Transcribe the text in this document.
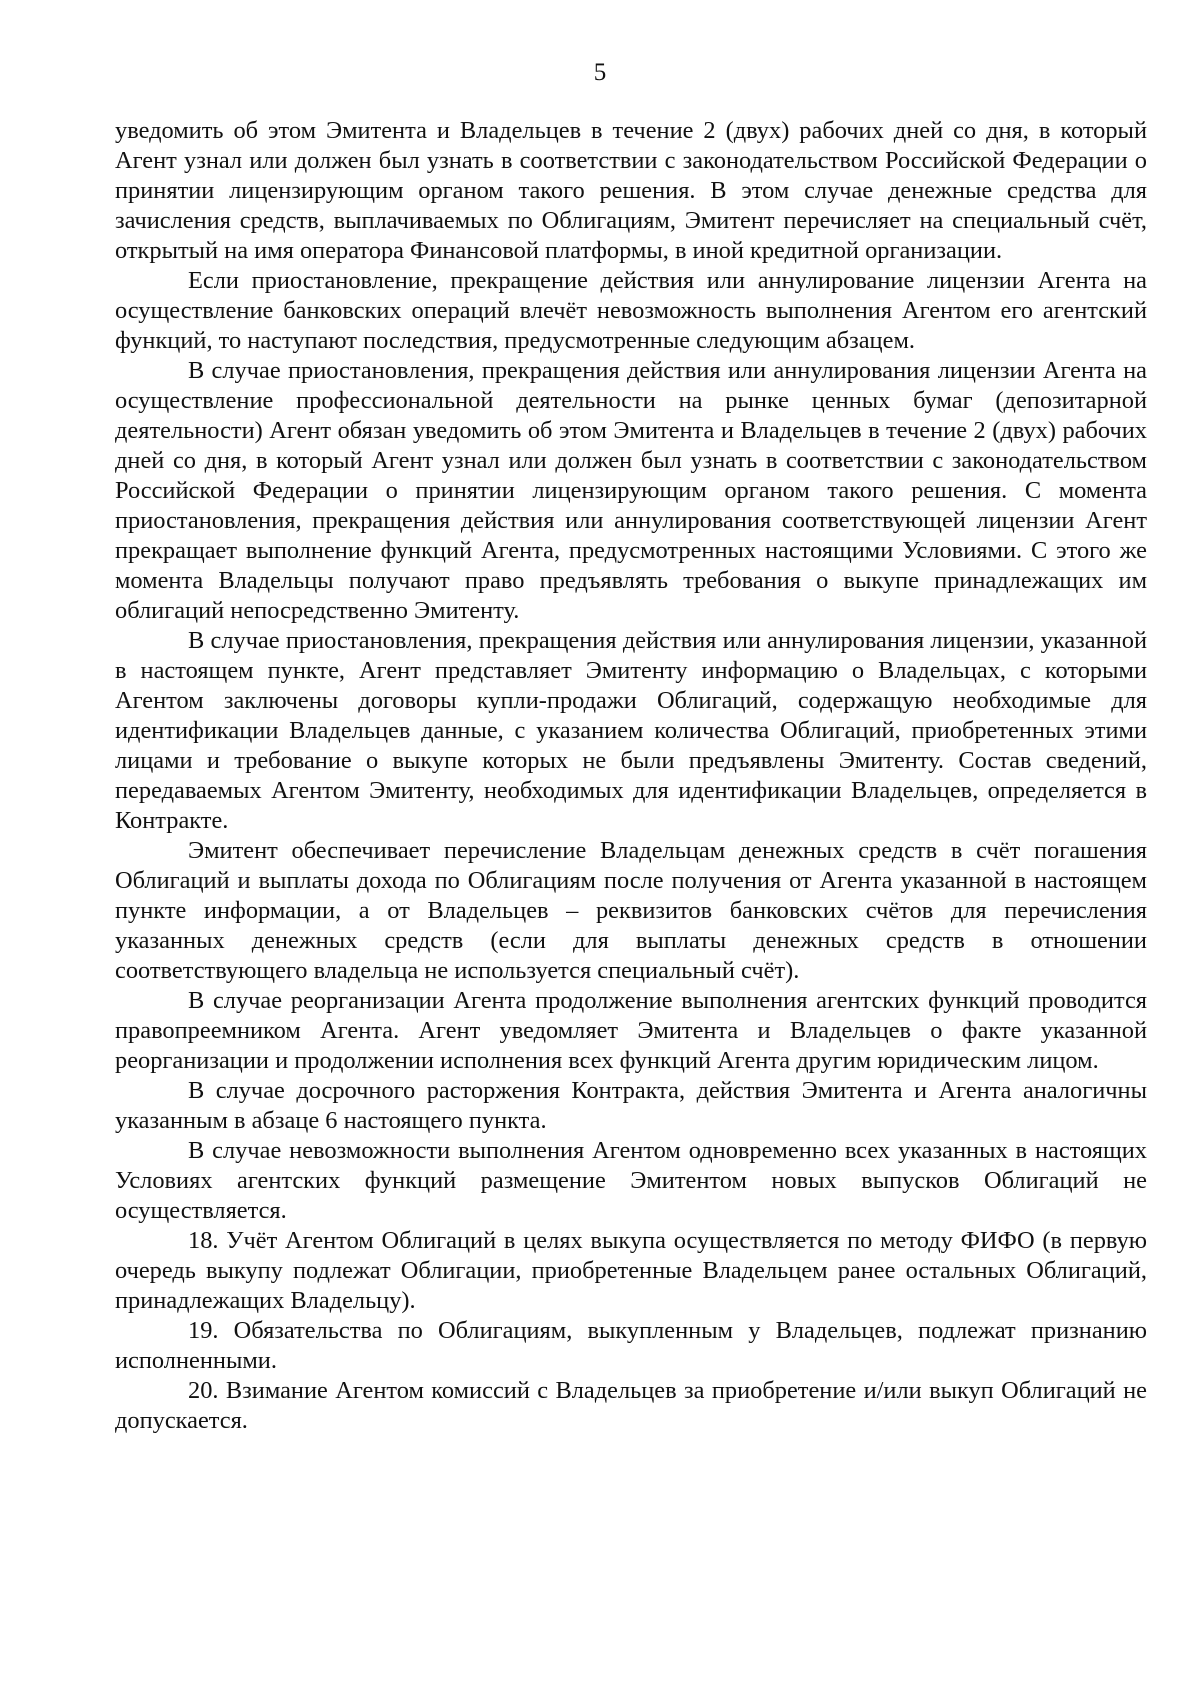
5

уведомить об этом Эмитента и Владельцев в течение 2 (двух) рабочих дней со дня, в который Агент узнал или должен был узнать в соответствии с законодательством Российской Федерации о принятии лицензирующим органом такого решения. В этом случае денежные средства для зачисления средств, выплачиваемых по Облигациям, Эмитент перечисляет на специальный счёт, открытый на имя оператора Финансовой платформы, в иной кредитной организации.

Если приостановление, прекращение действия или аннулирование лицензии Агента на осуществление банковских операций влечёт невозможность выполнения Агентом его агентский функций, то наступают последствия, предусмотренные следующим абзацем.

В случае приостановления, прекращения действия или аннулирования лицензии Агента на осуществление профессиональной деятельности на рынке ценных бумаг (депозитарной деятельности) Агент обязан уведомить об этом Эмитента и Владельцев в течение 2 (двух) рабочих дней со дня, в который Агент узнал или должен был узнать в соответствии с законодательством Российской Федерации о принятии лицензирующим органом такого решения. С момента приостановления, прекращения действия или аннулирования соответствующей лицензии Агент прекращает выполнение функций Агента, предусмотренных настоящими Условиями. С этого же момента Владельцы получают право предъявлять требования о выкупе принадлежащих им облигаций непосредственно Эмитенту.

В случае приостановления, прекращения действия или аннулирования лицензии, указанной в настоящем пункте, Агент представляет Эмитенту информацию о Владельцах, с которыми Агентом заключены договоры купли-продажи Облигаций, содержащую необходимые для идентификации Владельцев данные, с указанием количества Облигаций, приобретенных этими лицами и требование о выкупе которых не были предъявлены Эмитенту. Состав сведений, передаваемых Агентом Эмитенту, необходимых для идентификации Владельцев, определяется в Контракте.

Эмитент обеспечивает перечисление Владельцам денежных средств в счёт погашения Облигаций и выплаты дохода по Облигациям после получения от Агента указанной в настоящем пункте информации, а от Владельцев – реквизитов банковских счётов для перечисления указанных денежных средств (если для выплаты денежных средств в отношении соответствующего владельца не используется специальный счёт).

В случае реорганизации Агента продолжение выполнения агентских функций проводится правопреемником Агента. Агент уведомляет Эмитента и Владельцев о факте указанной реорганизации и продолжении исполнения всех функций Агента другим юридическим лицом.

В случае досрочного расторжения Контракта, действия Эмитента и Агента аналогичны указанным в абзаце 6 настоящего пункта.

В случае невозможности выполнения Агентом одновременно всех указанных в настоящих Условиях агентских функций размещение Эмитентом новых выпусков Облигаций не осуществляется.

18. Учёт Агентом Облигаций в целях выкупа осуществляется по методу ФИФО (в первую очередь выкупу подлежат Облигации, приобретенные Владельцем ранее остальных Облигаций, принадлежащих Владельцу).

19. Обязательства по Облигациям, выкупленным у Владельцев, подлежат признанию исполненными.

20. Взимание Агентом комиссий с Владельцев за приобретение и/или выкуп Облигаций не допускается.
